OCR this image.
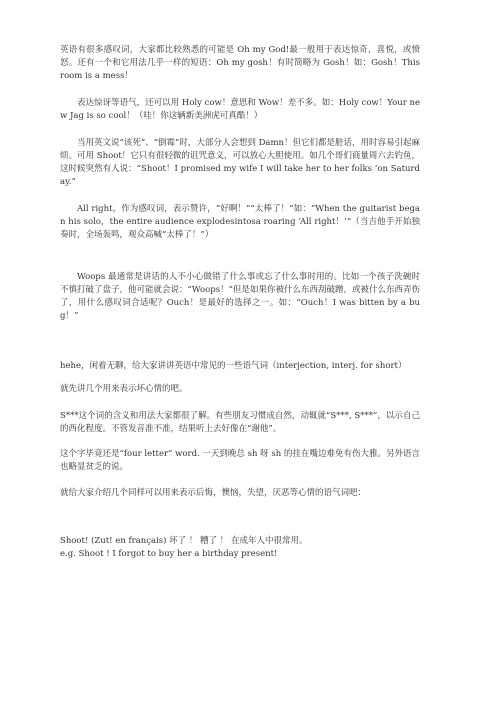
英语有很多感叹词，大家都比较熟悉的可能是 Oh my God!最一般用于表达惊奇，喜悦，或愤怒。还有一个和它用法几乎一样的短语：Oh my gosh！有时简略为 Gosh！如：Gosh！This room is a mess！

表达惊讶等语气，还可以用 Holy cow！意思和 Wow！差不多。如：Holy cow！Your new Jag is so cool！（哇！你这辆新美洲虎可真酷！）

当用英文说“该死”、“倒霉”时，大部分人会想到 Damn！但它们都是脏话，用时容易引起麻烦。可用 Shoot！它只有很轻微的诅咒意义，可以放心大胆使用。如几个哥们商量周六去钓鱼，这时候突然有人说：“Shoot！I promised my wife I will take her to her folks ’on Saturday.”

All right，作为感叹词，表示赞许，“好啊！”“太棒了！”如：“When the guitarist began his solo，the entire audience explodesintosa roaring ‘All right！’”（当吉他手开始独奏时，全场轰鸣，观众高喊“太棒了！”）

Woops 最通常是讲话的人不小心做错了什么事或忘了什么事时用的。比如一个孩子洗碗时不慎打破了盘子，他可能就会说：“Woops！”但是如果你被什么东西刮破蹭，或被什么东西弄伤了，用什么感叹词合适呢？Ouch！是最好的选择之一。如：“Ouch！I was bitten by a bug！”

hehe，闲着无聊，给大家讲讲英语中常见的一些语气词（interjection, interj. for short）

就先讲几个用来表示坏心情的吧。

S***这个词的含义和用法大家都很了解。有些朋友习惯成自然，动辄就“S***, S***”，以示自己的西化程度。不管发音准不准，结果听上去好像在“谢他”。

这个字毕竟还是“four letter” word. 一天到晚总 sh 呀 sh 的挂在嘴边难免有伤大雅。另外语言也略显贫乏的说。

就给大家介绍几个同样可以用来表示后悔，懊恼，失望，厌恶等心情的语气词吧：

Shoot! (Zut! en français) 坏了 ！ 糟了 ！ 在成年人中很常用。

e.g. Shoot ! I forgot to buy her a birthday present!
